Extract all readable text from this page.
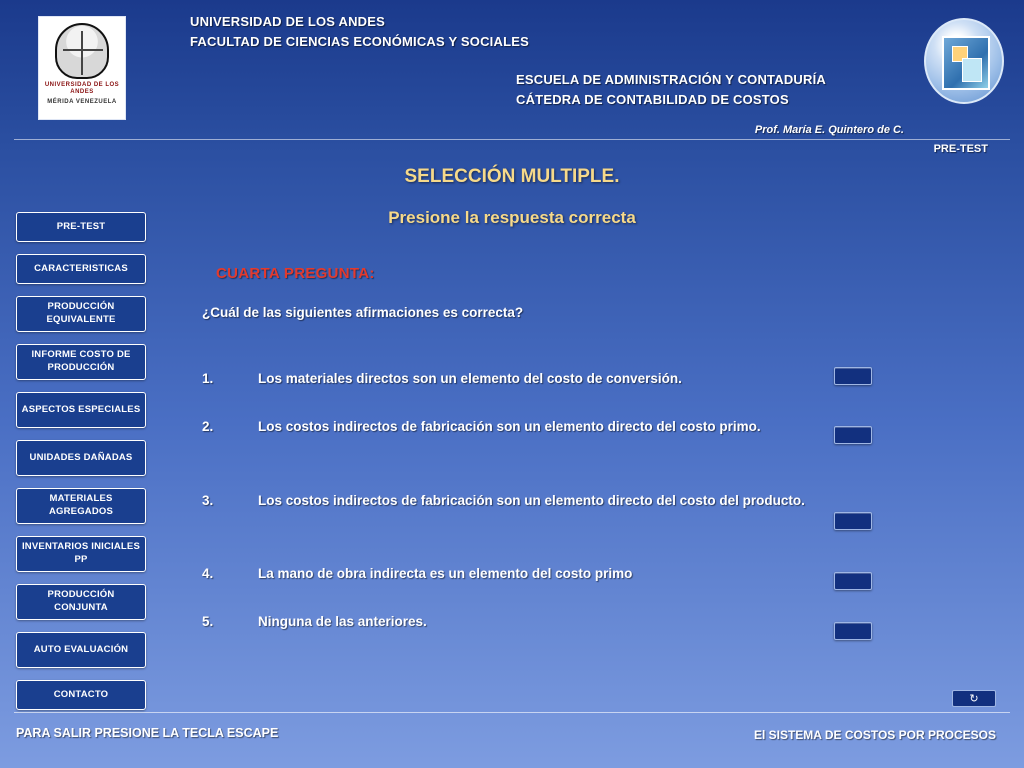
UNIVERSIDAD DE LOS ANDES
MÉRIDA VENEZUELA
UNIVERSIDAD DE LOS ANDES
FACULTAD DE CIENCIAS ECONÓMICAS Y SOCIALES
ESCUELA DE ADMINISTRACIÓN Y CONTADURÍA
CÁTEDRA DE CONTABILIDAD DE COSTOS
Prof. María E. Quintero de C.
PRE-TEST
SELECCIÓN MULTIPLE.
Presione la respuesta correcta
PRE-TEST
CARACTERISTICAS
PRODUCCIÓN EQUIVALENTE
INFORME COSTO DE PRODUCCIÓN
ASPECTOS ESPECIALES
UNIDADES DAÑADAS
MATERIALES AGREGADOS
INVENTARIOS INICIALES PP
PRODUCCIÓN CONJUNTA
AUTO EVALUACIÓN
CONTACTO
CUARTA PREGUNTA:
¿Cuál de las siguientes afirmaciones es correcta?
1.	Los materiales directos son un elemento del costo de conversión.
2.	Los costos indirectos de fabricación son un elemento directo del costo primo.
3.	Los costos indirectos de fabricación son un elemento directo del costo del producto.
4.	La mano de obra indirecta es un elemento del costo primo
5.	Ninguna de las anteriores.
↻
PARA SALIR PRESIONE LA TECLA ESCAPE	El SISTEMA DE COSTOS POR PROCESOS
